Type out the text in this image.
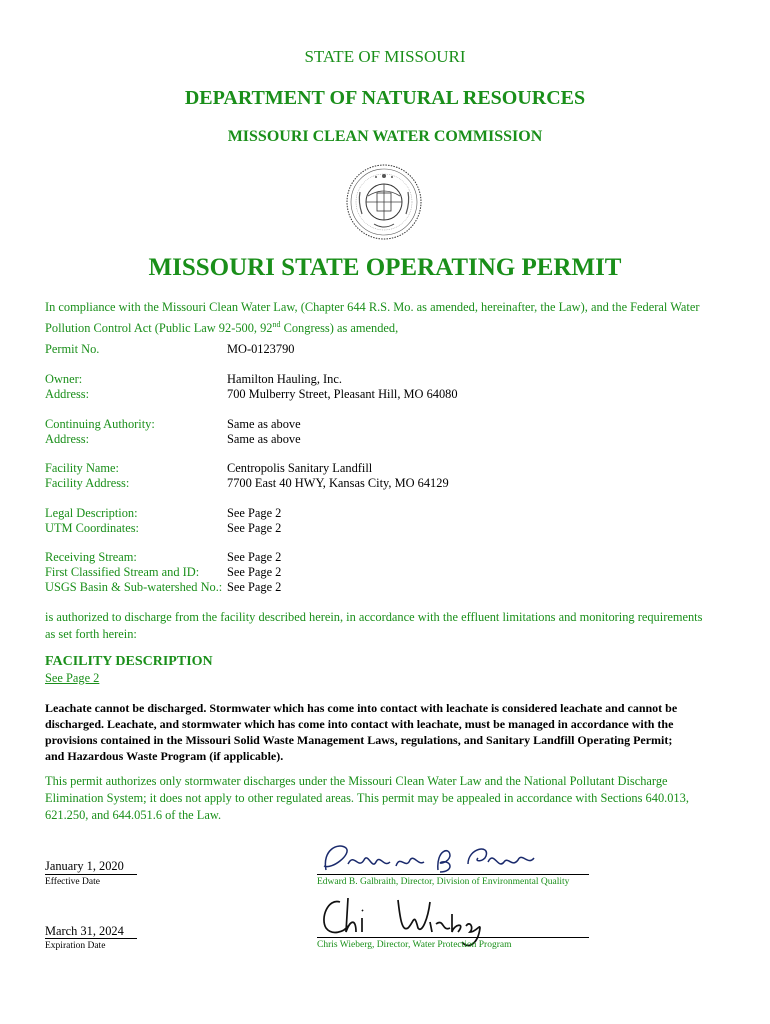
STATE OF MISSOURI
DEPARTMENT OF NATURAL RESOURCES
MISSOURI CLEAN WATER COMMISSION
MISSOURI STATE OPERATING PERMIT
In compliance with the Missouri Clean Water Law, (Chapter 644 R.S. Mo. as amended, hereinafter, the Law), and the Federal Water
Pollution Control Act (Public Law 92-500, 92nd Congress) as amended,
Permit No.	MO-0123790
Owner:	Hamilton Hauling, Inc.
Address:	700 Mulberry Street, Pleasant Hill, MO 64080
Continuing Authority:	Same as above
Address:	Same as above
Facility Name:	Centropolis Sanitary Landfill
Facility Address:	7700 East 40 HWY, Kansas City, MO 64129
Legal Description:	See Page 2
UTM Coordinates:	See Page 2
Receiving Stream:	See Page 2
First Classified Stream and ID: See Page 2
USGS Basin & Sub-watershed No.: See Page 2
is authorized to discharge from the facility described herein, in accordance with the effluent limitations and monitoring requirements
as set forth herein:
FACILITY DESCRIPTION
See Page 2
Leachate cannot be discharged. Stormwater which has come into contact with leachate is considered leachate and cannot be
discharged. Leachate, and stormwater which has come into contact with leachate, must be managed in accordance with the
provisions contained in the Missouri Solid Waste Management Laws, regulations, and Sanitary Landfill Operating Permit;
and Hazardous Waste Program (if applicable).
This permit authorizes only stormwater discharges under the Missouri Clean Water Law and the National Pollutant Discharge
Elimination System; it does not apply to other regulated areas. This permit may be appealed in accordance with Sections 640.013,
621.250, and 644.051.6 of the Law.
January 1, 2020
Effective Date	Edward B. Galbraith, Director, Division of Environmental Quality
March 31, 2024
Expiration Date	Chris Wieberg, Director, Water Protection Program
